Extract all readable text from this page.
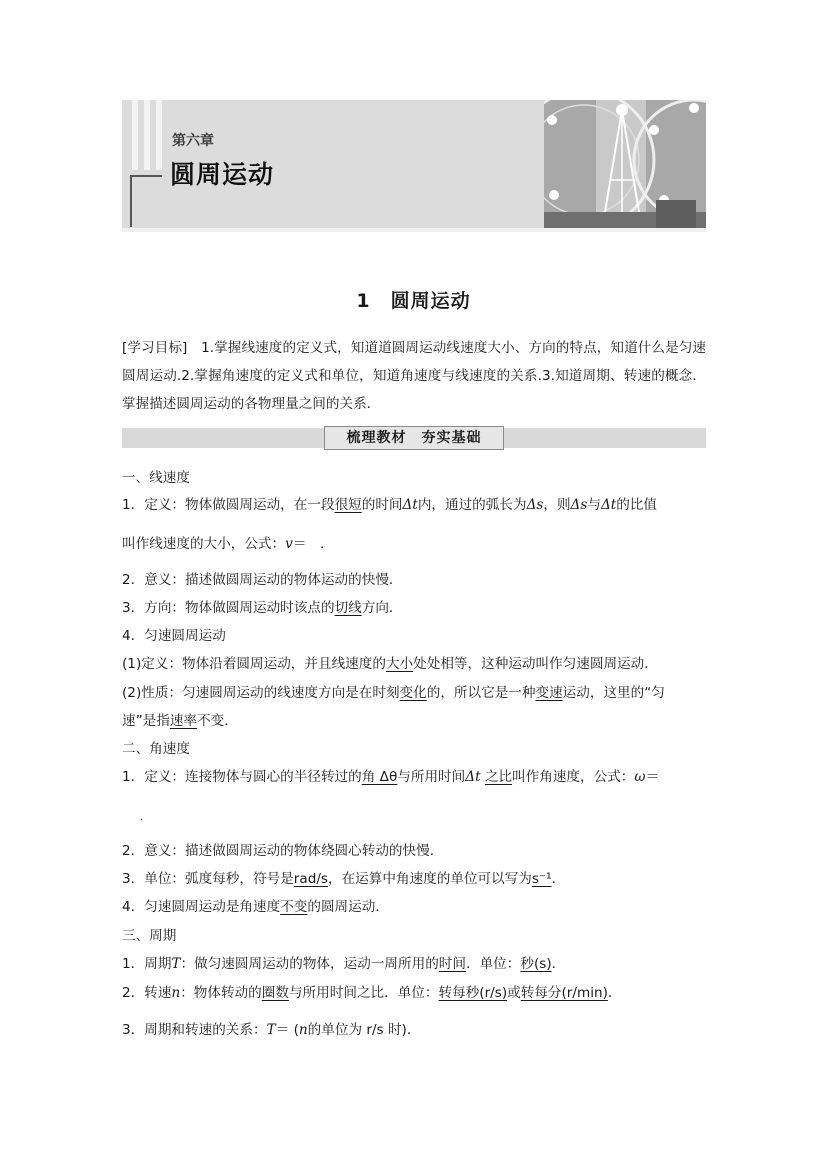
第六章
圆周运动
1　圆周运动
[学习目标]　1.掌握线速度的定义式，知道道圆周运动线速度大小、方向的特点，知道什么是匀速圆周运动.2.掌握角速度的定义式和单位，知道角速度与线速度的关系.3.知道周期、转速的概念．掌握描述圆周运动的各物理量之间的关系．
梳理教材　夯实基础
一、线速度
1．定义：物体做圆周运动，在一段很短的时间Δt内，通过的弧长为Δs，则Δs与Δt的比值
叫作线速度的大小，公式：v＝　.
2．意义：描述做圆周运动的物体运动的快慢．
3．方向：物体做圆周运动时该点的切线方向．
4．匀速圆周运动
(1)定义：物体沿着圆周运动，并且线速度的大小处处相等，这种运动叫作匀速圆周运动．
(2)性质：匀速圆周运动的线速度方向是在时刻变化的，所以它是一种变速运动，这里的“匀
速”是指速率不变．
二、角速度
1．定义：连接物体与圆心的半径转过的角 Δθ与所用时间Δt 之比叫作角速度，公式：ω＝
.
2．意义：描述做圆周运动的物体绕圆心转动的快慢．
3．单位：弧度每秒，符号是rad/s，在运算中角速度的单位可以写为s⁻¹.
4．匀速圆周运动是角速度不变的圆周运动．
三、周期
1．周期T：做匀速圆周运动的物体，运动一周所用的时间．单位：秒(s)．
2．转速n：物体转动的圈数与所用时间之比．单位：转每秒(r/s)或转每分(r/min)．
3．周期和转速的关系：T＝ (n的单位为 r/s 时)．
